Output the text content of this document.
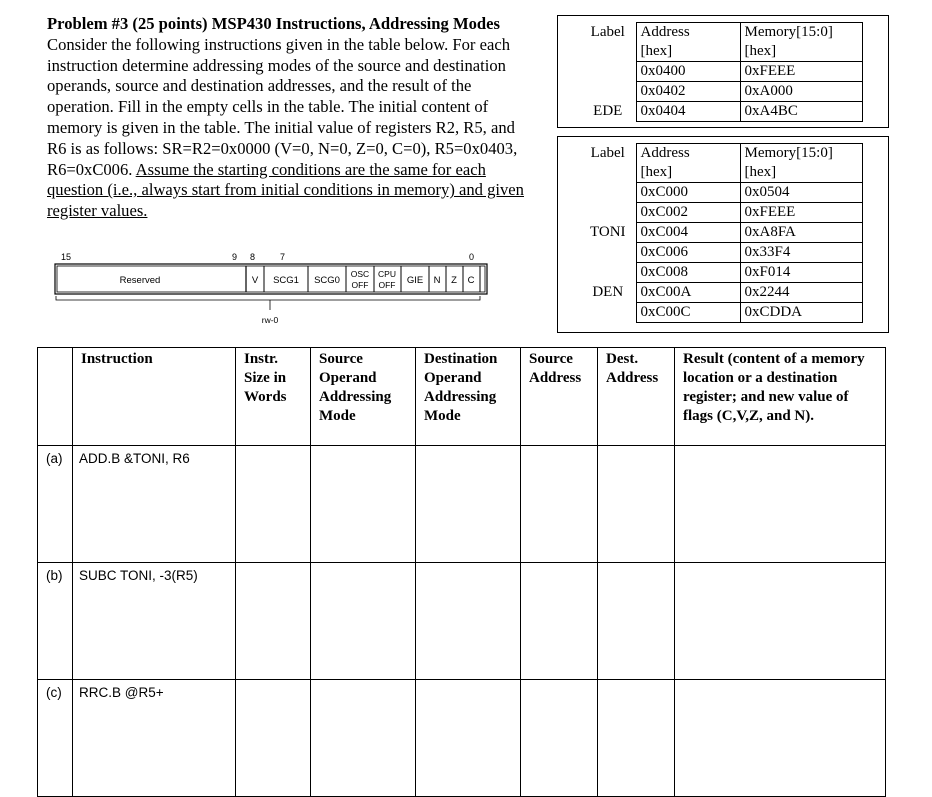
Problem #3 (25 points) MSP430 Instructions, Addressing Modes
Consider the following instructions given in the table below. For each instruction determine addressing modes of the source and destination operands, source and destination addresses, and the result of the operation. Fill in the empty cells in the table. The initial content of memory is given in the table. The initial value of registers R2, R5, and R6 is as follows: SR=R2=0x0000 (V=0, N=0, Z=0, C=0), R5=0x0403, R6=0xC006. Assume the starting conditions are the same for each question (i.e., always start from initial conditions in memory) and given register values.

Label	Address [hex]	Memory[15:0] [hex]

	0x0400	0xFEEE
	0x0402	0xA000
EDE	0x0404	0xA4BC
Label	Address [hex]	Memory[15:0] [hex]

	0xC000	0x0504
	0xC002	0xFEEE
TONI	0xC004	0xA8FA
	0xC006	0x33F4
	0xC008	0xF014
DEN	0xC00A	0x2244
	0xC00C	0xCDDA
15	9 8	7	0
Reserved	V SCG1 SCG0
OSC
OFF
CPU
OFF GIE N Z C
rw-0
	Instruction	Instr.
Size in
Words	Source
Operand
Addressing
Mode	Destination
Operand
Addressing
Mode	Source
Address	Dest.
Address	Result (content of a memory location or a destination register; and new value of flags (C,V,Z, and N).
(a)	ADD.B &TONI, R6						
(b)	SUBC TONI, -3(R5)						
(c)	RRC.B @R5+						
